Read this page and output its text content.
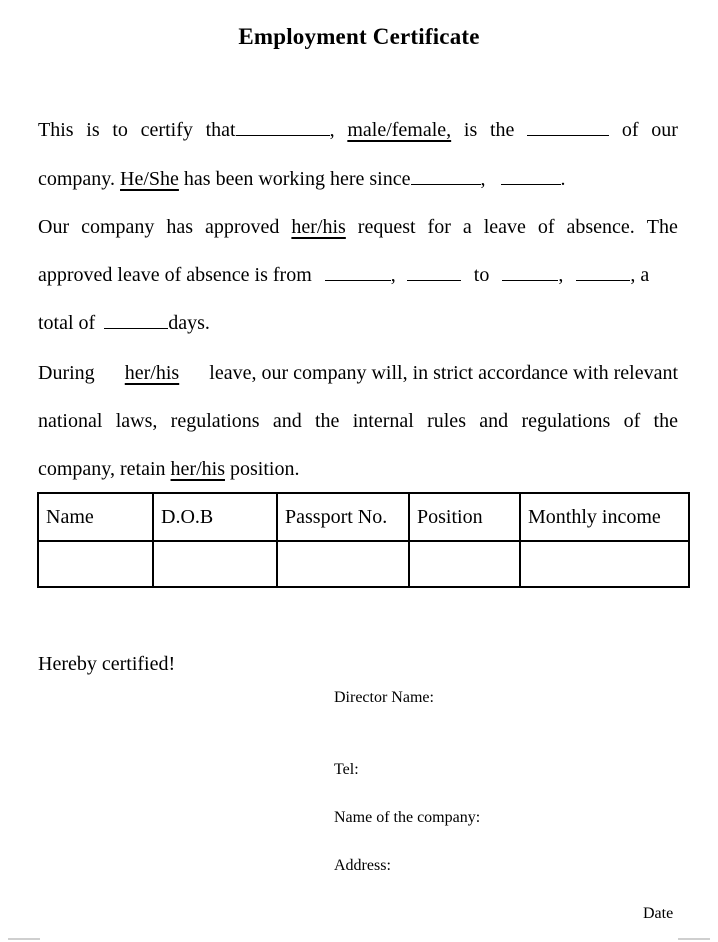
Employment Certificate
This is to certify that	, male/female, is the	of our
company. He/She has been working here since	,	.
Our company has approved her/his request for a leave of absence. The
approved leave of absence is from	,	to	,	, a
total of	days.
During her/his leave, our company will, in strict accordance with relevant
national laws, regulations and the internal rules and regulations of the
company, retain her/his position.
Name	D.O.B	Passport No.	Position	Monthly income

Hereby certified!
Director Name:
Tel:
Name of the company:
Address:
Date
